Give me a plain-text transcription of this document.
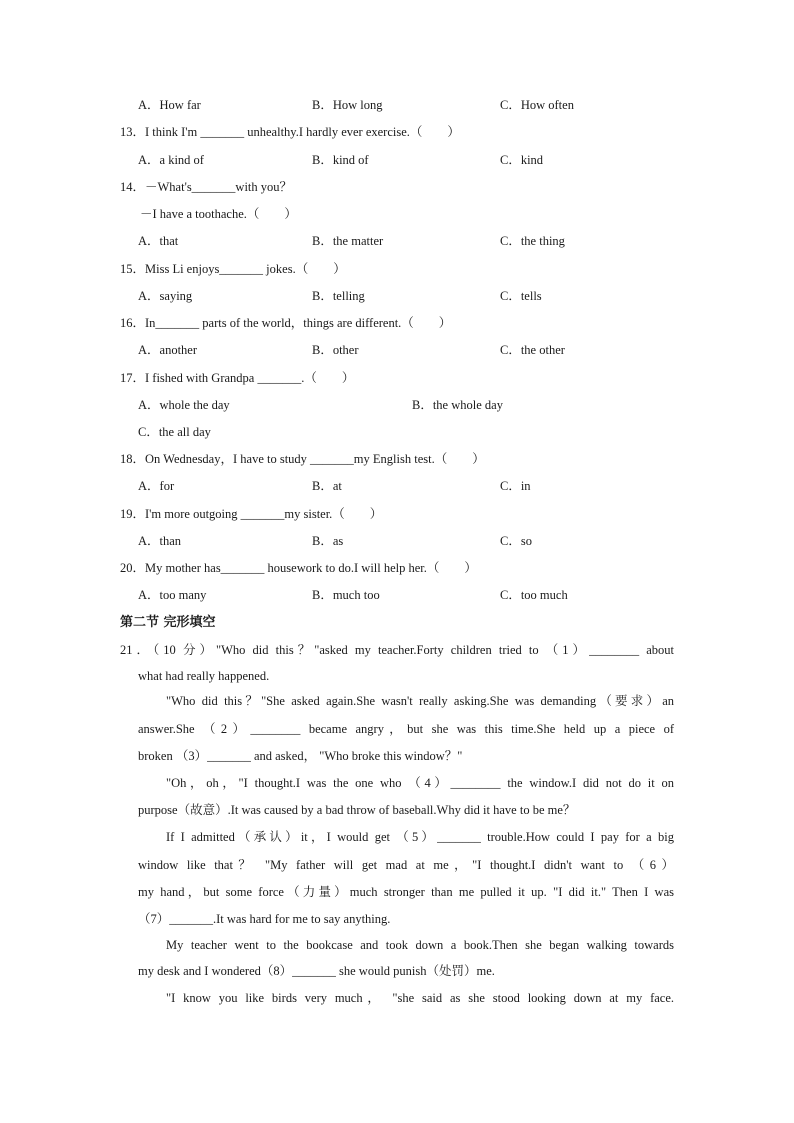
A．How far	B．How long	C．How often
13．I think I'm _______ unhealthy.I hardly ever exercise.（　　）
A．a kind of	B．kind of	C．kind
14．－What's_______with you？
－I have a toothache.（　　）
A．that	B．the matter	C．the thing
15．Miss Li enjoys_______ jokes.（　　）
A．saying	B．telling	C．tells
16．In_______ parts of the world，things are different.（　　）
A．another	B．other	C．the other
17．I fished with Grandpa _______.（　　）
A．whole the day	B．the whole day
C．the all day
18．On Wednesday，I have to study _______my English test.（　　）
A．for	B．at	C．in
19．I'm more outgoing _______my sister.（　　）
A．than	B．as	C．so
20．My mother has_______ housework to do.I will help her.（　　）
A．too many	B．much too	C．too much
第二节 完形填空
21．（10 分）"Who did this？"asked my teacher.Forty children tried to （1）________ about
what had really happened.
"Who did this？"She asked again.She wasn't really asking.She was demanding（要求）an
answer.She （2）________ became angry，but she was this time.She held up a piece of
broken （3）_______ and asked， "Who broke this window？"
"Oh，oh，"I thought.I was the one who （4）________ the window.I did not do it on
purpose（故意）.It was caused by a bad throw of baseball.Why did it have to be me？
If I admitted（承认）it，I would get （5）_______ trouble.How could I pay for a big
window like that？ "My father will get mad at me，"I thought.I didn't want to （6）
my hand，but some force（力量）much stronger than me pulled it up. "I did it." Then I was
（7）_______.It was hard for me to say anything.
My teacher went to the bookcase and took down a book.Then she began walking towards
my desk and I wondered（8）_______ she would punish（处罚）me.
"I know you like birds very much， "she said as she stood looking down at my face.
